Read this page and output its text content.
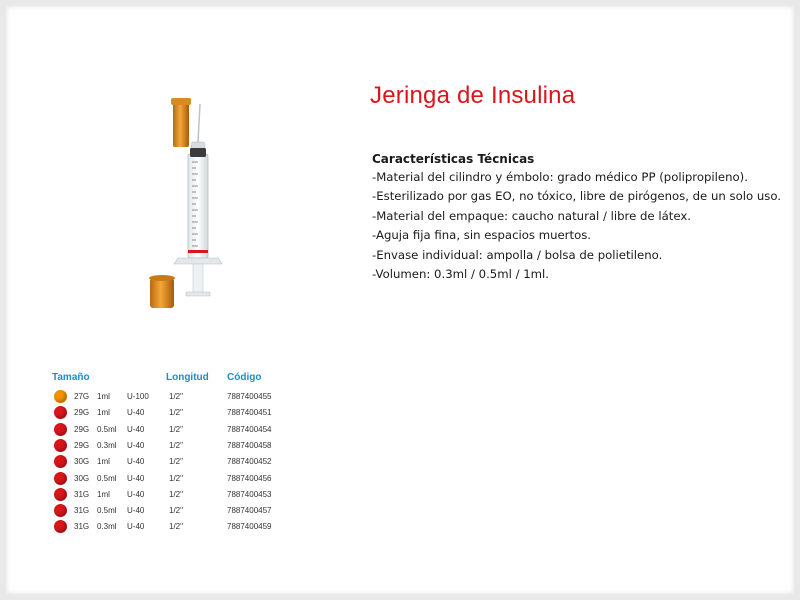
Jeringa de Insulina
Características Técnicas
-Material del cilindro y émbolo: grado médico PP (polipropileno).
-Esterilizado por gas EO, no tóxico, libre de pirógenos, de un solo uso.
-Material del empaque: caucho natural / libre de látex.
-Aguja fija fina, sin espacios muertos.
-Envase individual: ampolla / bolsa de polietileno.
-Volumen: 0.3ml / 0.5ml / 1ml.
Tamaño	Longitud Código
27G 1ml U-100	1/2"	7887400455
29G 1ml U-40	1/2"	7887400451
29G 0.5ml U-40	1/2"	7887400454
29G 0.3ml U-40	1/2"	7887400458
30G 1ml U-40	1/2"	7887400452
30G 0.5ml U-40	1/2"	7887400456
31G 1ml U-40	1/2"	7887400453
31G 0.5ml U-40	1/2"	7887400457
31G 0.3ml U-40	1/2"	7887400459
